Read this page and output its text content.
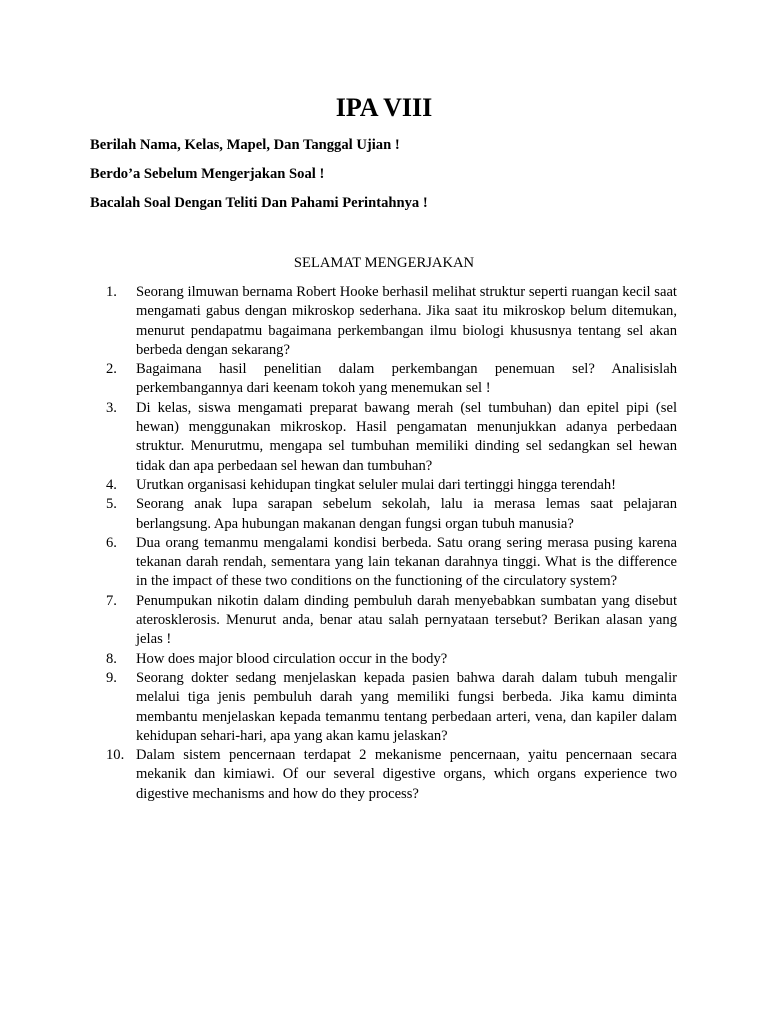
IPA VIII
Berilah Nama, Kelas, Mapel, Dan Tanggal Ujian !
Berdo’a Sebelum Mengerjakan Soal !
Bacalah Soal Dengan Teliti Dan Pahami Perintahnya !

SELAMAT MENGERJAKAN

1.	Seorang ilmuwan bernama Robert Hooke berhasil melihat struktur seperti ruangan kecil saat mengamati gabus dengan mikroskop sederhana. Jika saat itu mikroskop belum ditemukan, menurut pendapatmu bagaimana perkembangan ilmu biologi khususnya tentang sel akan berbeda dengan sekarang?
2.	Bagaimana hasil penelitian dalam perkembangan penemuan sel? Analisislah perkembangannya dari keenam tokoh yang menemukan sel !
3.	Di kelas, siswa mengamati preparat bawang merah (sel tumbuhan) dan epitel pipi (sel hewan) menggunakan mikroskop. Hasil pengamatan menunjukkan adanya perbedaan struktur. Menurutmu, mengapa sel tumbuhan memiliki dinding sel sedangkan sel hewan tidak dan apa perbedaan sel hewan dan tumbuhan?
4.	Urutkan organisasi kehidupan tingkat seluler mulai dari tertinggi hingga terendah!
5.	Seorang anak lupa sarapan sebelum sekolah, lalu ia merasa lemas saat pelajaran berlangsung. Apa hubungan makanan dengan fungsi organ tubuh manusia?
6.	Dua orang temanmu mengalami kondisi berbeda. Satu orang sering merasa pusing karena tekanan darah rendah, sementara yang lain tekanan darahnya tinggi. What is the difference in the impact of these two conditions on the functioning of the circulatory system?
7.	Penumpukan nikotin dalam dinding pembuluh darah menyebabkan sumbatan yang disebut aterosklerosis. Menurut anda, benar atau salah pernyataan tersebut? Berikan alasan yang jelas !
8.	How does major blood circulation occur in the body?
9.	Seorang dokter sedang menjelaskan kepada pasien bahwa darah dalam tubuh mengalir melalui tiga jenis pembuluh darah yang memiliki fungsi berbeda. Jika kamu diminta membantu menjelaskan kepada temanmu tentang perbedaan arteri, vena, dan kapiler dalam kehidupan sehari-hari, apa yang akan kamu jelaskan?
10. Dalam sistem pencernaan terdapat 2 mekanisme pencernaan, yaitu pencernaan secara mekanik dan kimiawi. Of our several digestive organs, which organs experience two digestive mechanisms and how do they process?
